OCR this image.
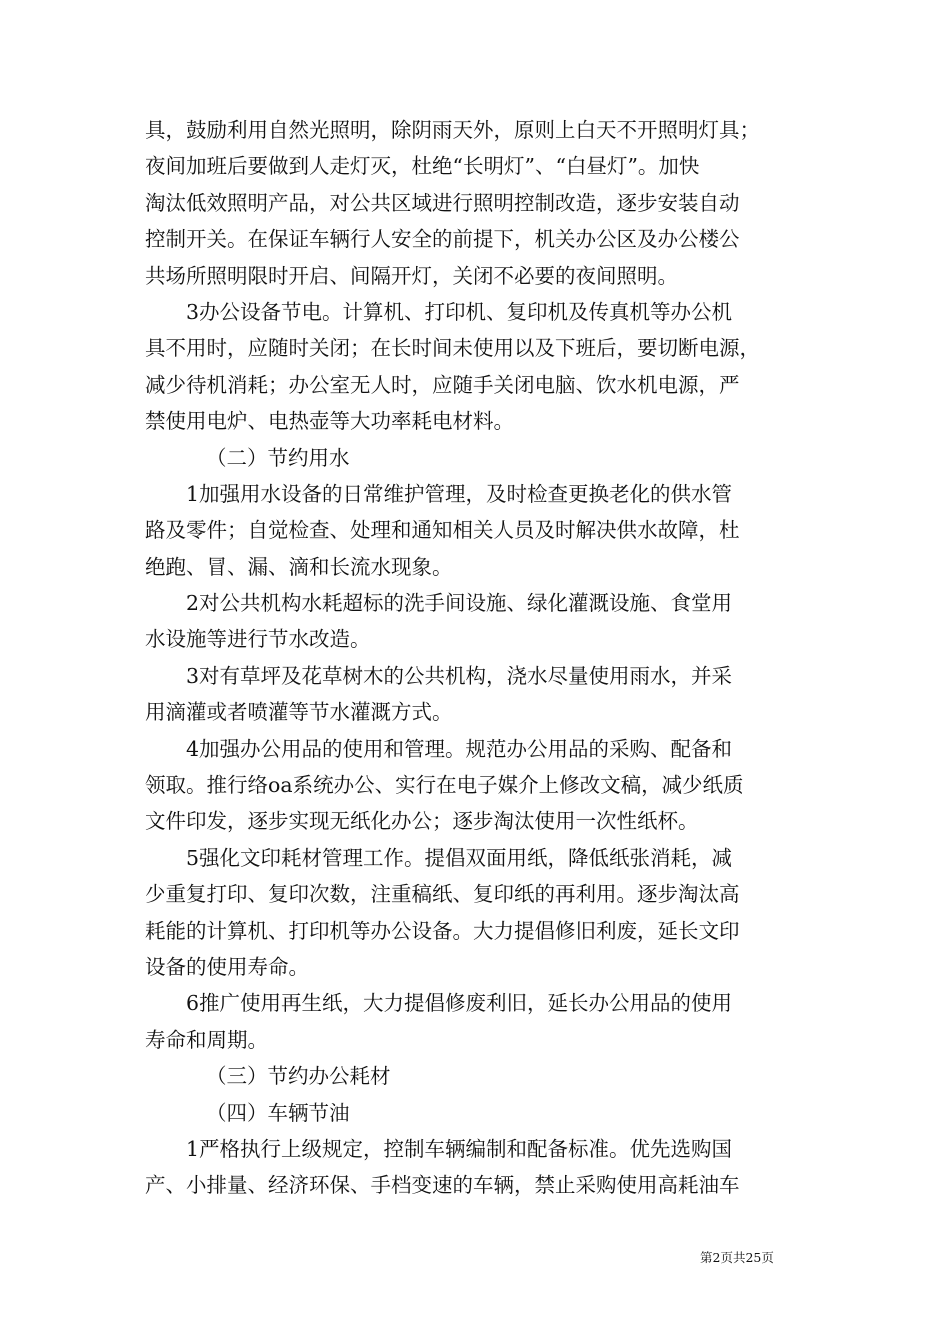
具，鼓励利用自然光照明，除阴雨天外，原则上白天不开照明灯具；
夜间加班后要做到人走灯灭，杜绝“长明灯”、“白昼灯”。加快
淘汰低效照明产品，对公共区域进行照明控制改造，逐步安装自动
控制开关。在保证车辆行人安全的前提下，机关办公区及办公楼公
共场所照明限时开启、间隔开灯，关闭不必要的夜间照明。
3办公设备节电。计算机、打印机、复印机及传真机等办公机
具不用时，应随时关闭；在长时间未使用以及下班后，要切断电源，
减少待机消耗；办公室无人时，应随手关闭电脑、饮水机电源，严
禁使用电炉、电热壶等大功率耗电材料。
（二）节约用水
1加强用水设备的日常维护管理，及时检查更换老化的供水管
路及零件；自觉检查、处理和通知相关人员及时解决供水故障，杜
绝跑、冒、漏、滴和长流水现象。
2对公共机构水耗超标的洗手间设施、绿化灌溉设施、食堂用
水设施等进行节水改造。
3对有草坪及花草树木的公共机构，浇水尽量使用雨水，并采
用滴灌或者喷灌等节水灌溉方式。
4加强办公用品的使用和管理。规范办公用品的采购、配备和
领取。推行络oa系统办公、实行在电子媒介上修改文稿，减少纸质
文件印发，逐步实现无纸化办公；逐步淘汰使用一次性纸杯。
5强化文印耗材管理工作。提倡双面用纸，降低纸张消耗，减
少重复打印、复印次数，注重稿纸、复印纸的再利用。逐步淘汰高
耗能的计算机、打印机等办公设备。大力提倡修旧利废，延长文印
设备的使用寿命。
6推广使用再生纸，大力提倡修废利旧，延长办公用品的使用
寿命和周期。
（三）节约办公耗材
（四）车辆节油
1严格执行上级规定，控制车辆编制和配备标准。优先选购国
产、小排量、经济环保、手档变速的车辆，禁止采购使用高耗油车
第2页共25页
